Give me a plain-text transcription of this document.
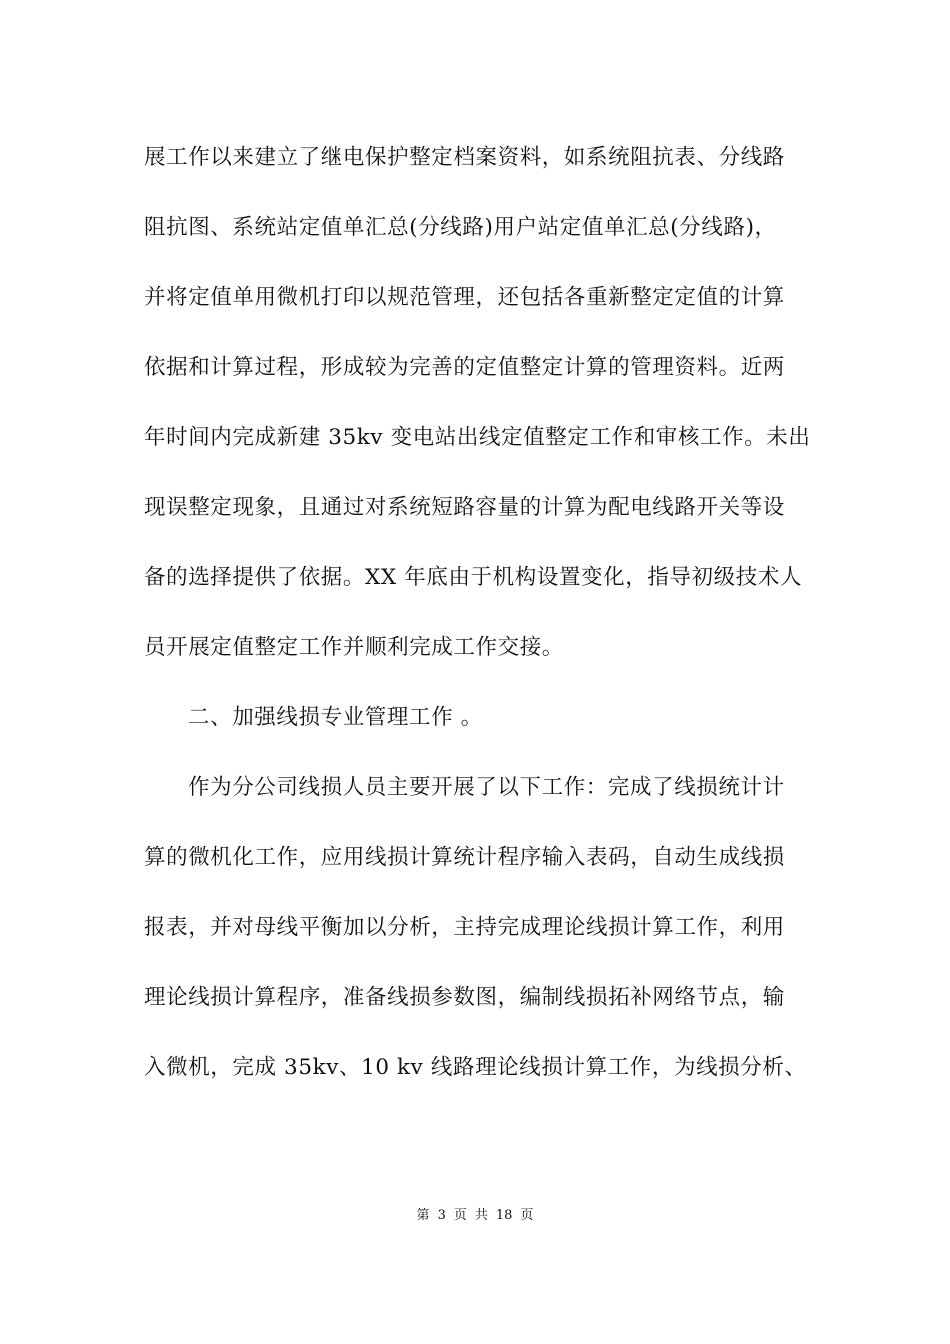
展工作以来建立了继电保护整定档案资料，如系统阻抗表、分线路
阻抗图、系统站定值单汇总(分线路)用户站定值单汇总(分线路)，
并将定值单用微机打印以规范管理，还包括各重新整定定值的计算
依据和计算过程，形成较为完善的定值整定计算的管理资料。近两
年时间内完成新建 35kv 变电站出线定值整定工作和审核工作。未出
现误整定现象，且通过对系统短路容量的计算为配电线路开关等设
备的选择提供了依据。XX 年底由于机构设置变化，指导初级技术人
员开展定值整定工作并顺利完成工作交接。
二、加强线损专业管理工作 。
作为分公司线损人员主要开展了以下工作：完成了线损统计计
算的微机化工作，应用线损计算统计程序输入表码，自动生成线损
报表，并对母线平衡加以分析，主持完成理论线损计算工作，利用
理论线损计算程序，准备线损参数图，编制线损拓补网络节点，输
入微机，完成 35kv、10 kv 线路理论线损计算工作，为线损分析、
第 3 页 共 18 页
